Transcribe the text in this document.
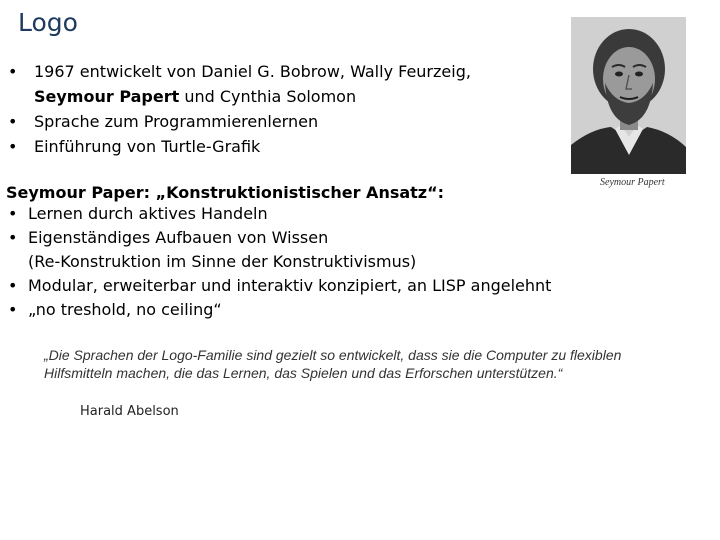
Logo
• 1967 entwickelt von Daniel G. Bobrow, Wally Feurzeig,
Seymour Papert und Cynthia Solomon
• Sprache zum Programmierenlernen
• Einführung von Turtle-Grafik
Seymour Paper: „Konstruktionistischer Ansatz“:
• Lernen durch aktives Handeln
• Eigenständiges Aufbauen von Wissen
(Re-Konstruktion im Sinne der Konstruktivismus)
• Modular, erweiterbar und interaktiv konzipiert, an LISP angelehnt
• „no treshold, no ceiling“
„Die Sprachen der Logo-Familie sind gezielt so entwickelt, dass sie die Computer zu flexiblen Hilfsmitteln machen, die das Lernen, das Spielen und das Erforschen unterstützen.“
Harald Abelson
Seymour Papert
